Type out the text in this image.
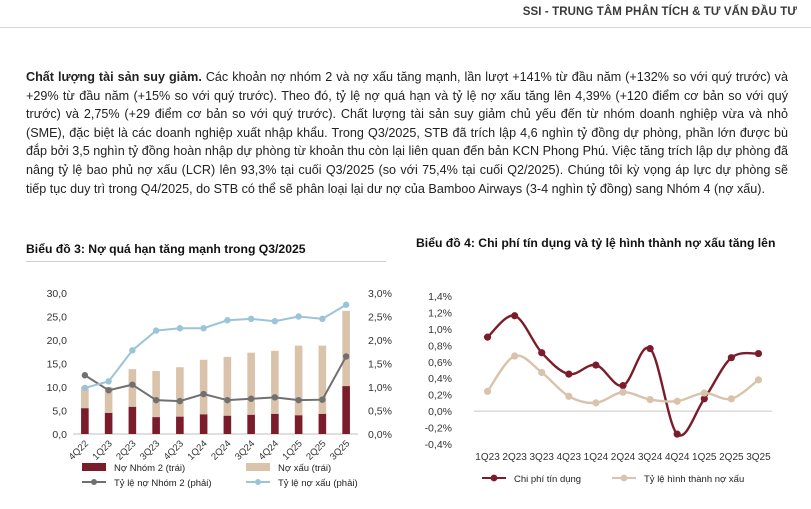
SSI - TRUNG TÂM PHÂN TÍCH & TƯ VẤN ĐẦU TƯ
Chất lượng tài sản suy giảm. Các khoản nợ nhóm 2 và nợ xấu tăng mạnh, lần lượt +141% từ đầu năm (+132% so với quý trước) và +29% từ đầu năm (+15% so với quý trước). Theo đó, tỷ lệ nợ quá hạn và tỷ lệ nợ xấu tăng lên 4,39% (+120 điểm cơ bản so với quý trước) và 2,75% (+29 điểm cơ bản so với quý trước). Chất lượng tài sản suy giảm chủ yếu đến từ nhóm doanh nghiệp vừa và nhỏ (SME), đặc biệt là các doanh nghiệp xuất nhập khẩu. Trong Q3/2025, STB đã trích lập 4,6 nghìn tỷ đồng dự phòng, phần lớn được bù đắp bởi 3,5 nghìn tỷ đồng hoàn nhập dự phòng từ khoản thu còn lại liên quan đến bản KCN Phong Phú. Việc tăng trích lập dự phòng đã nâng tỷ lệ bao phủ nợ xấu (LCR) lên 93,3% tại cuối Q3/2025 (so với 75,4% tại cuối Q2/2025). Chúng tôi kỳ vọng áp lực dự phòng sẽ tiếp tục duy trì trong Q4/2025, do STB có thể sẽ phân loại lại dư nợ của Bamboo Airways (3-4 nghìn tỷ đồng) sang Nhóm 4 (nợ xấu).
Biểu đồ 3: Nợ quá hạn tăng mạnh trong Q3/2025	Biểu đồ 4: Chi phí tín dụng và tỷ lệ hình thành nợ xấu tăng lên
0,0
5,0
10,0
15,0
20,0
25,0
30,0
0,0%
0,5%
1,0%
1,5%
2,0%
2,5%
3,0%
4Q22 1Q23 2Q23 3Q23 4Q23 1Q24 2Q24 3Q24 4Q24 1Q25 2Q25 3Q25
Nợ Nhóm 2 (trái)	Nợ xấu (trái)
Tỷ lệ nợ Nhóm 2 (phải)	Tỷ lệ nợ xấu (phải)
1,4%
1,2%
1,0%
0,8%
0,6%
0,4%
0,2%
0,0%
-0,2%
-0,4%
1Q23 2Q23 3Q23 4Q23 1Q24 2Q24 3Q24 4Q24 1Q25 2Q25 3Q25
Chi phí tín dụng	Tỷ lệ hình thành nợ xấu
